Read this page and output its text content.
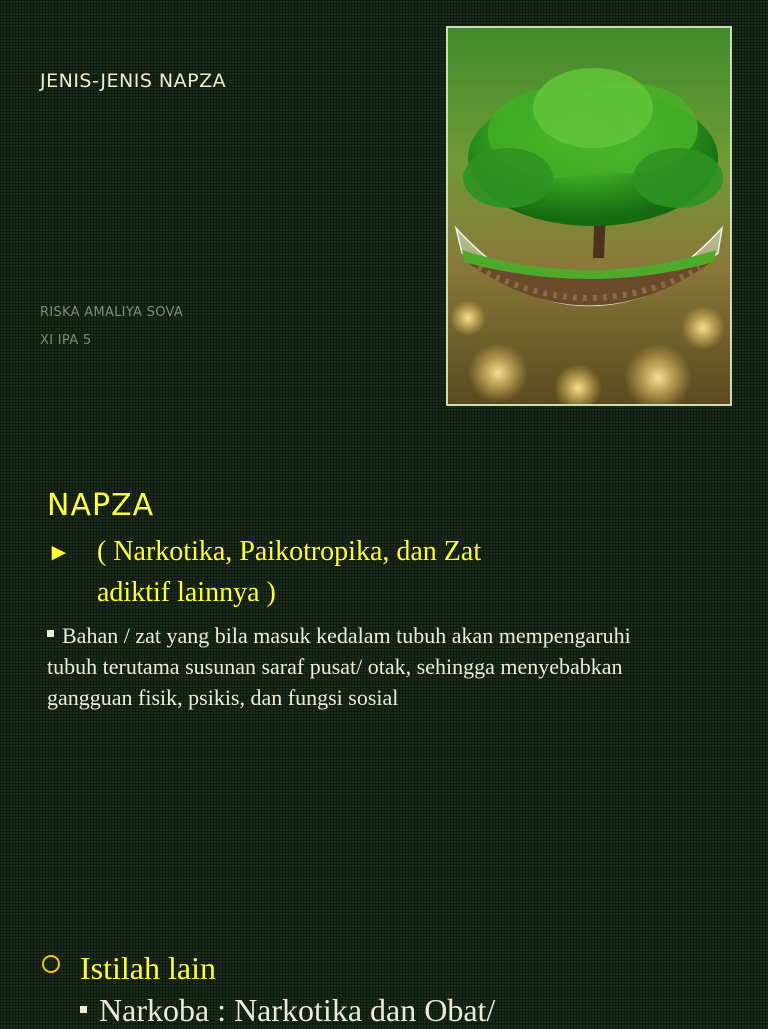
JENIS-JENIS NAPZA
RISKA AMALIYA SOVA
XI IPA 5
NAPZA
► ( Narkotika, Paikotropika, dan Zat
adiktif lainnya )
Bahan / zat yang bila masuk kedalam tubuh akan mempengaruhi tubuh terutama susunan saraf pusat/ otak, sehingga menyebabkan gangguan fisik, psikis, dan fungsi sosial
Istilah lain
Narkoba : Narkotika dan Obat/
